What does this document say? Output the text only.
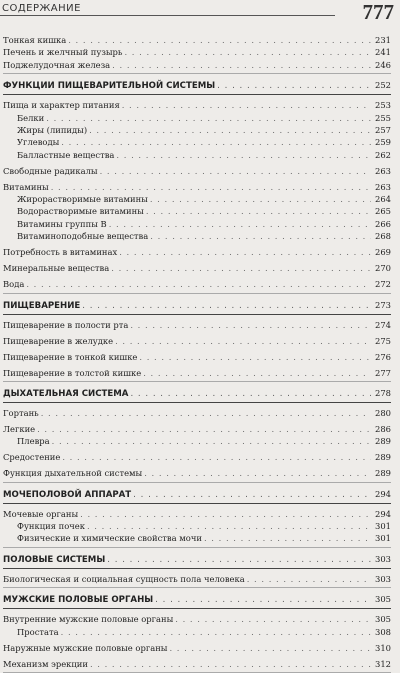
СОДЕРЖАНИЕ	777
Тонкая кишка . . .	231
Печень и желчный пузырь . . .	241
Поджелудочная железа . . .	246
ФУНКЦИИ ПИЩЕВАРИТЕЛЬНОЙ СИСТЕМЫ . . .	252
Пища и характер питания . . .	253
Белки . . .	255
Жиры (липиды) . . .	257
Углеводы . . .	259
Балластные вещества . . .	262
Свободные радикалы . . .	263
Витамины . . .	263
Жирорастворимые витамины . . .	264
Водорастворимые витамины . . .	265
Витамины группы В . . .	266
Витаминоподобные вещества . . .	268
Потребность в витаминах . . .	269
Минеральные вещества . . .	270
Вода . . .	272
ПИЩЕВАРЕНИЕ . . .	273
Пищеварение в полости рта . . .	274
Пищеварение в желудке . . .	275
Пищеварение в тонкой кишке . . .	276
Пищеварение в толстой кишке . . .	277
ДЫХАТЕЛЬНАЯ СИСТЕМА . . .	278
Гортань . . .	280
Легкие . . .	286
Плевра . . .	289
Средостение . . .	289
Функция дыхательной системы . . .	289
МОЧЕПОЛОВОЙ АППАРАТ . . .	294
Мочевые органы . . .	294
Функция почек . . .	301
Физические и химические свойства мочи . . .	301
ПОЛОВЫЕ СИСТЕМЫ . . .	303
Биологическая и социальная сущность пола человека . . .	303
МУЖСКИЕ ПОЛОВЫЕ ОРГАНЫ . . .	305
Внутренние мужские половые органы . . .	305
Простата . . .	308
Наружные мужские половые органы . . .	310
Механизм эрекции . . .	312
